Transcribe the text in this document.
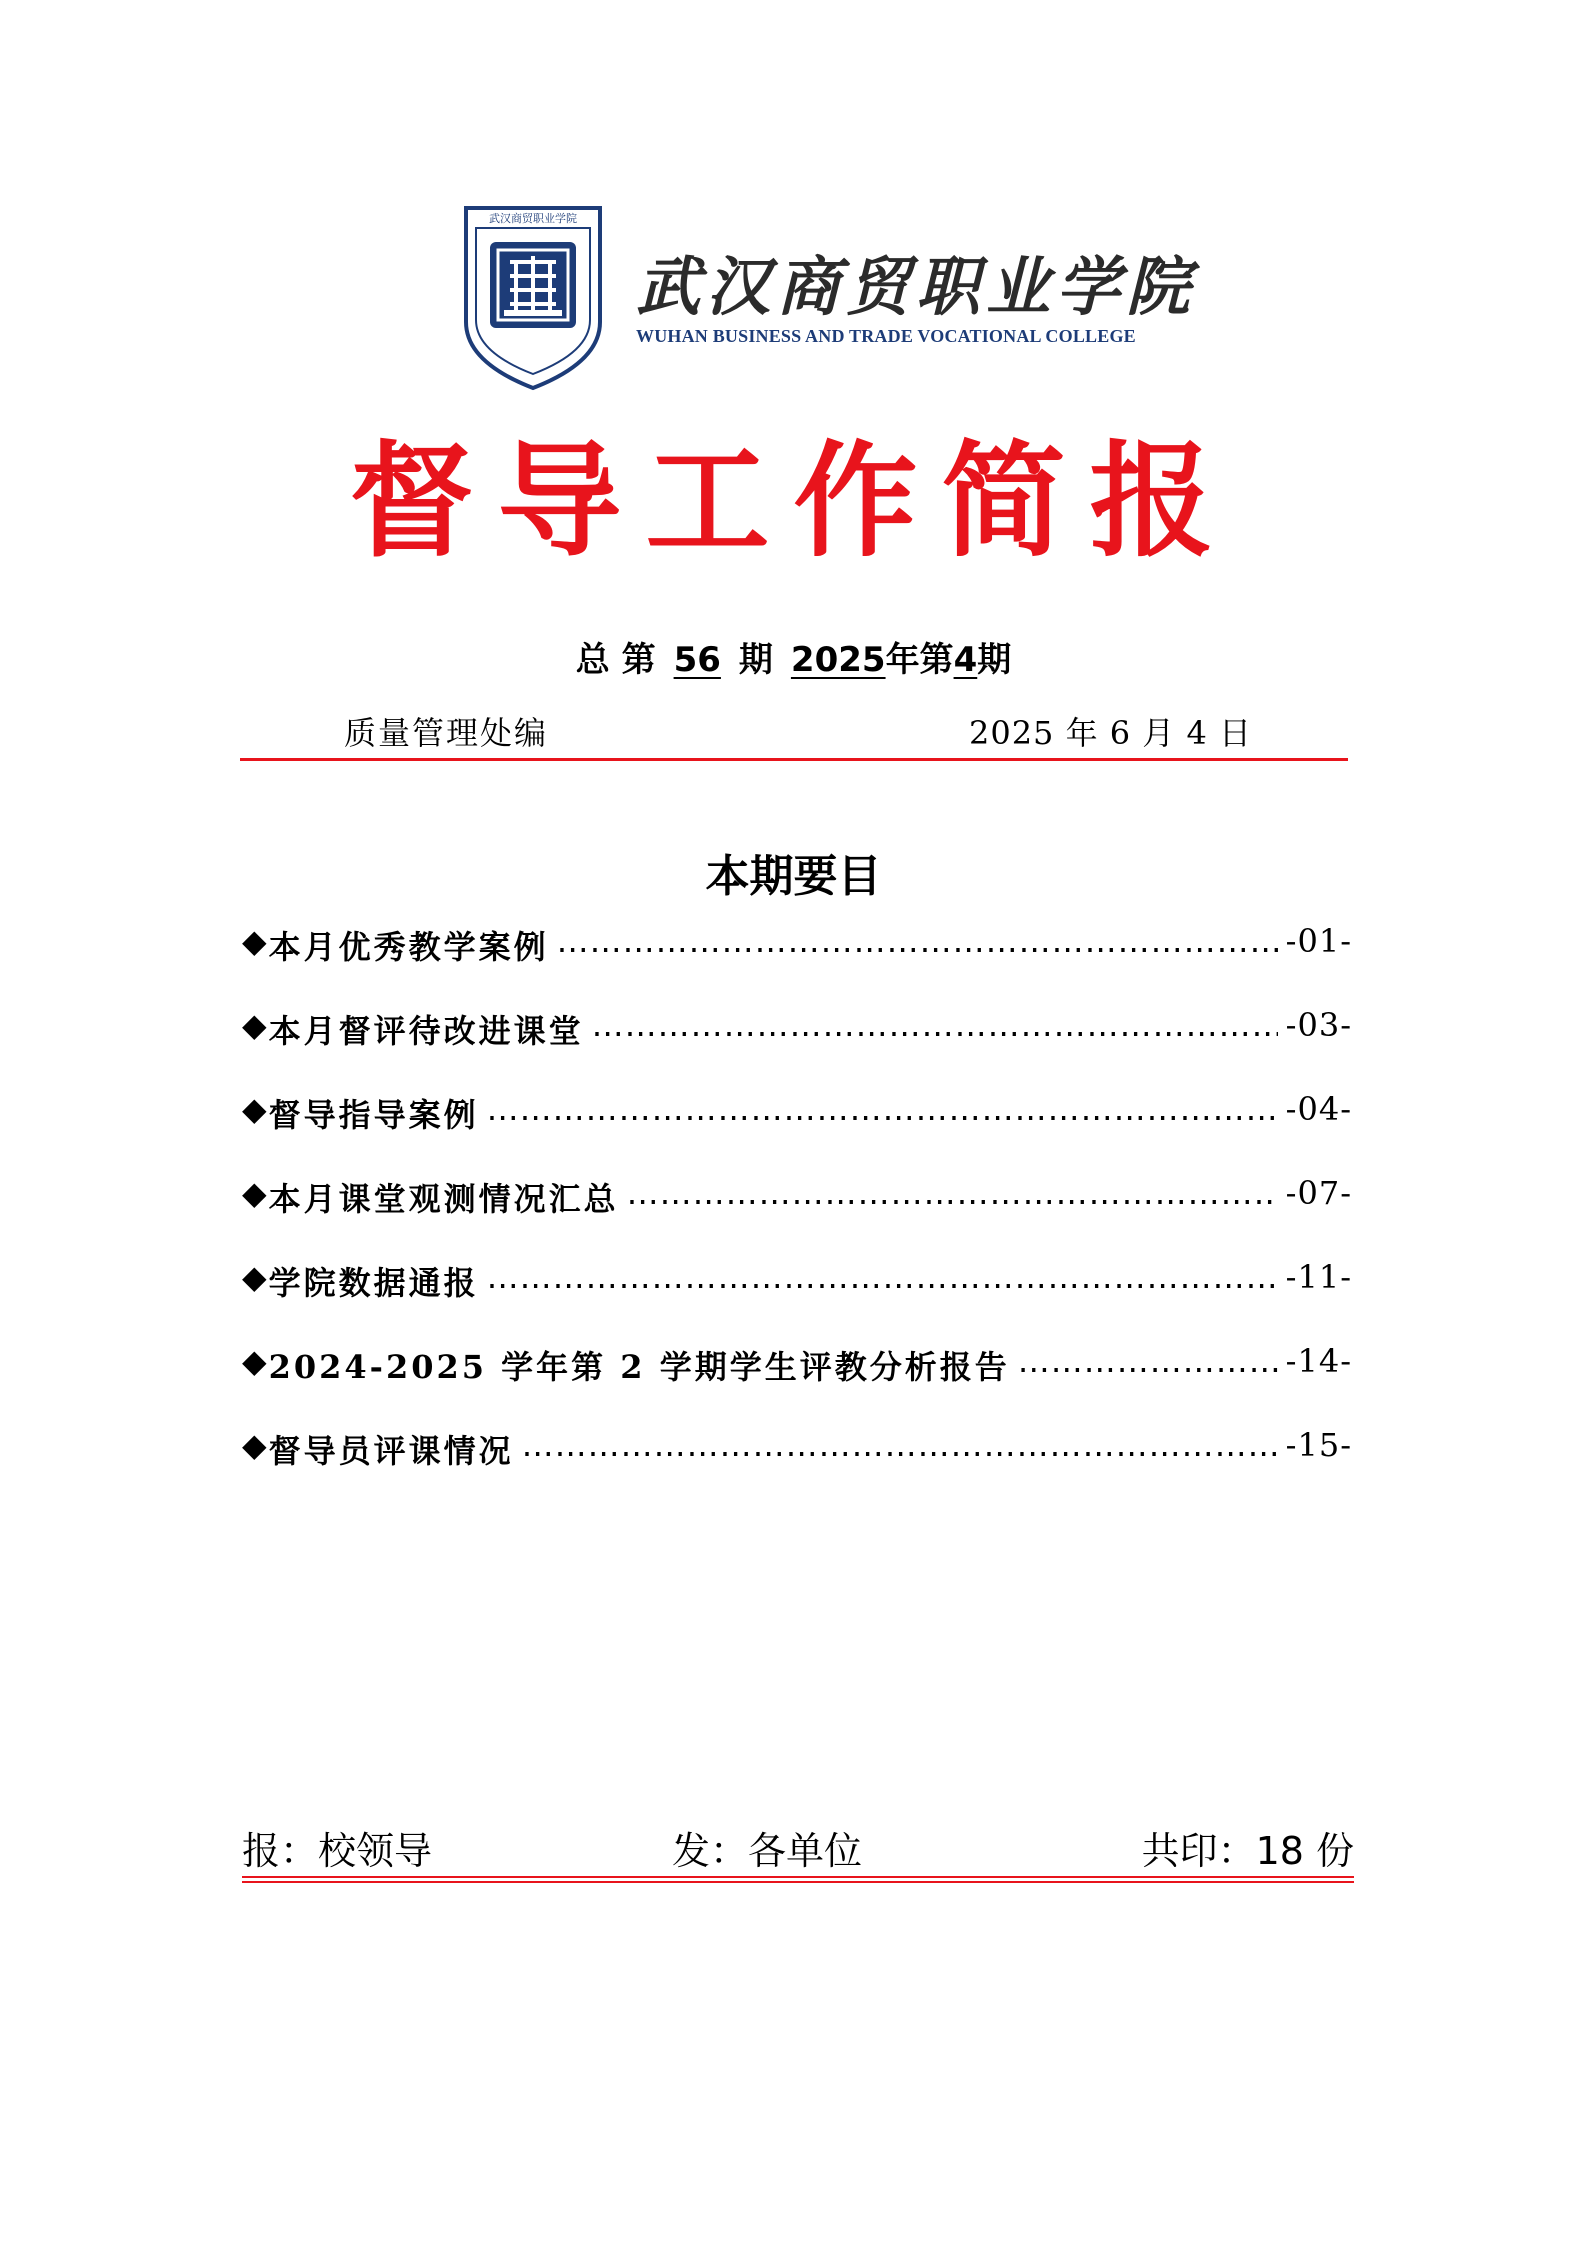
武汉商贸职业学院
武汉商贸职业学院
WUHAN BUSINESS AND TRADE VOCATIONAL COLLEGE
督导工作简报
总 第 56 期 2025年第4期
质量管理处编	2025 年 6 月 4 日
本期要目
◆ 本月优秀教学案例 …………………………………………………………………………………………………………………………………………………………	-01-
◆ 本月督评待改进课堂 …………………………………………………………………………………………………………………………………………………………	-03-
◆ 督导指导案例 …………………………………………………………………………………………………………………………………………………………	-04-
◆ 本月课堂观测情况汇总 …………………………………………………………………………………………………………………………………………………………	-07-
◆ 学院数据通报 …………………………………………………………………………………………………………………………………………………………	-11-
◆ 2024-2025 学年第 2 学期学生评教分析报告 …………………………………………………………………………………………………………………………………………………………	-14-
◆ 督导员评课情况 …………………………………………………………………………………………………………………………………………………………	-15-
报：校领导	发：各单位	共印：18 份
